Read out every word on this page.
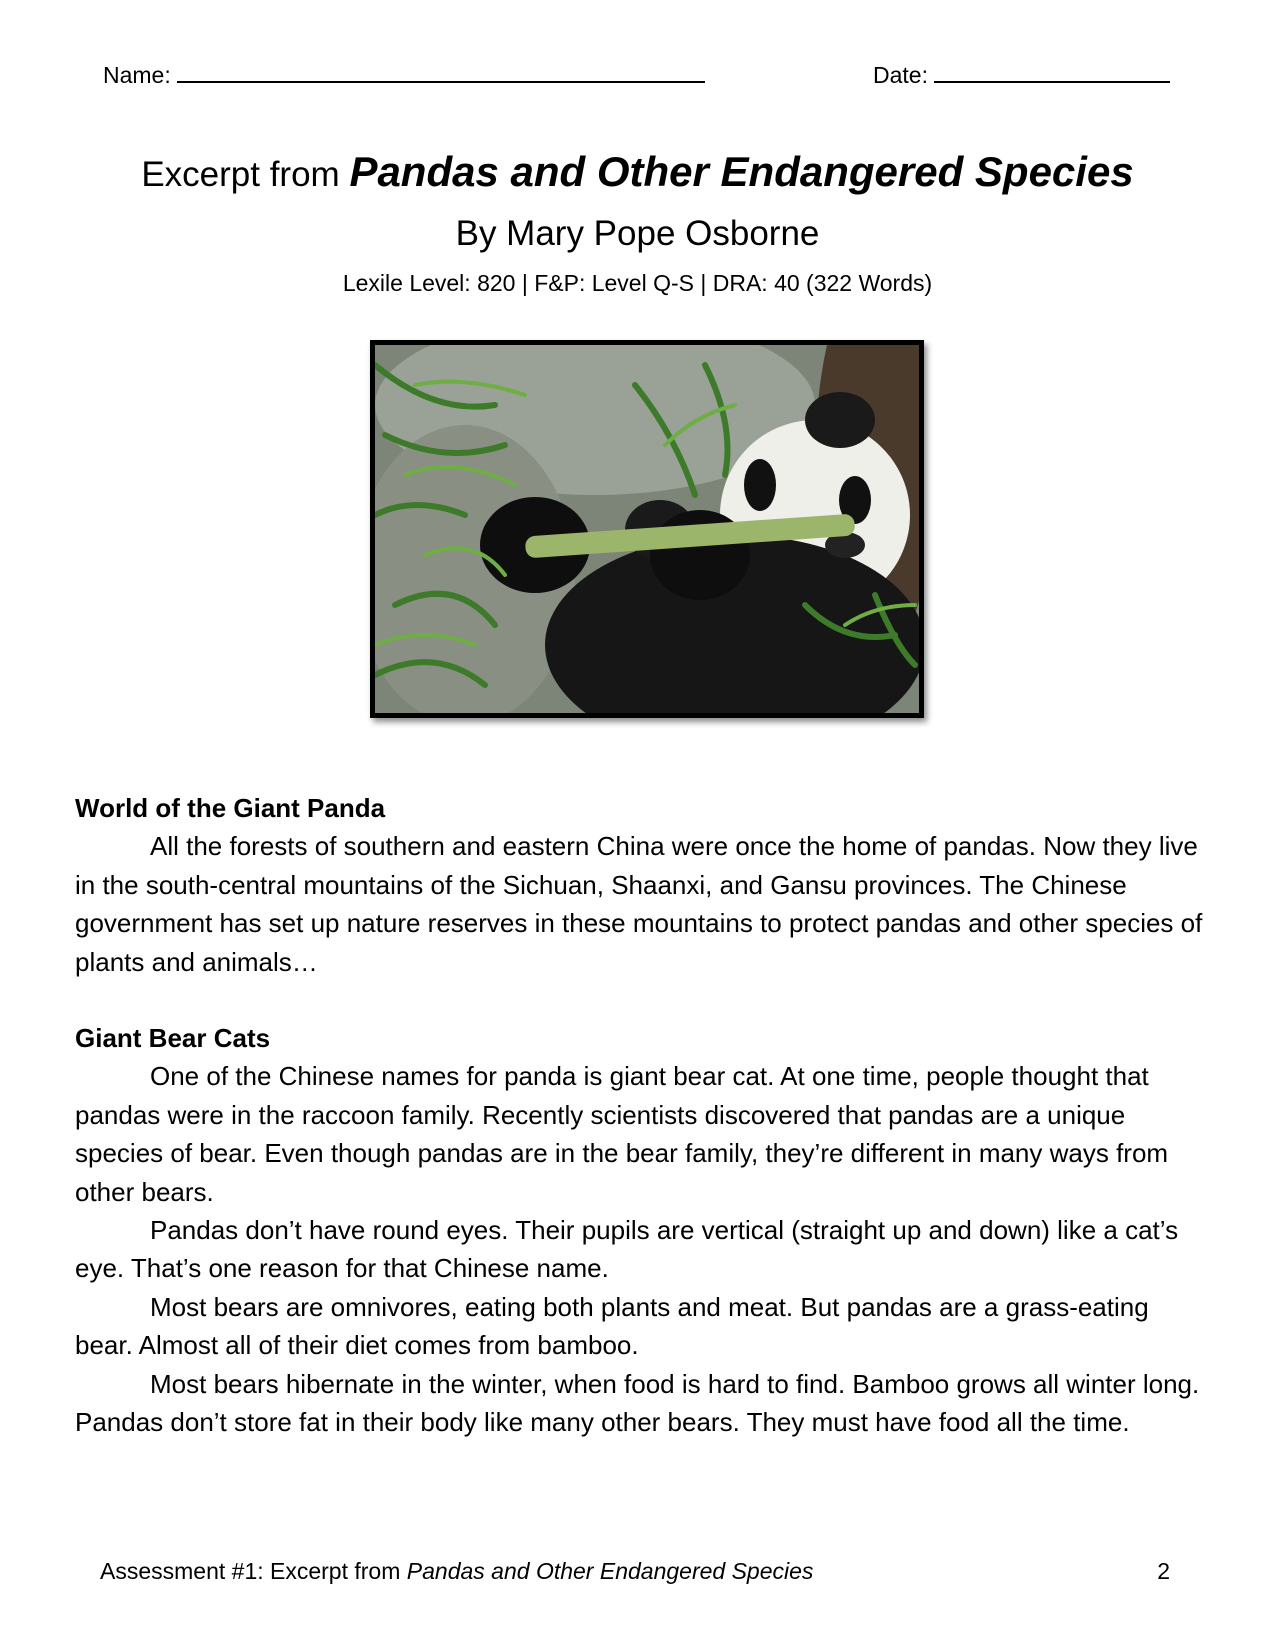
Name:	Date:
Excerpt from Pandas and Other Endangered Species
By Mary Pope Osborne
Lexile Level: 820 | F&P: Level Q-S | DRA: 40 (322 Words)
World of the Giant Panda

All the forests of southern and eastern China were once the home of pandas. Now they live in the south-central mountains of the Sichuan, Shaanxi, and Gansu provinces. The Chinese government has set up nature reserves in these mountains to protect pandas and other species of plants and animals…

Giant Bear Cats

One of the Chinese names for panda is giant bear cat. At one time, people thought that pandas were in the raccoon family. Recently scientists discovered that pandas are a unique species of bear. Even though pandas are in the bear family, they’re different in many ways from other bears.

Pandas don’t have round eyes. Their pupils are vertical (straight up and down) like a cat’s eye. That’s one reason for that Chinese name.

Most bears are omnivores, eating both plants and meat. But pandas are a grass-eating bear. Almost all of their diet comes from bamboo.

Most bears hibernate in the winter, when food is hard to find. Bamboo grows all winter long. Pandas don’t store fat in their body like many other bears. They must have food all the time.

Assessment #1: Excerpt from Pandas and Other Endangered Species	2
